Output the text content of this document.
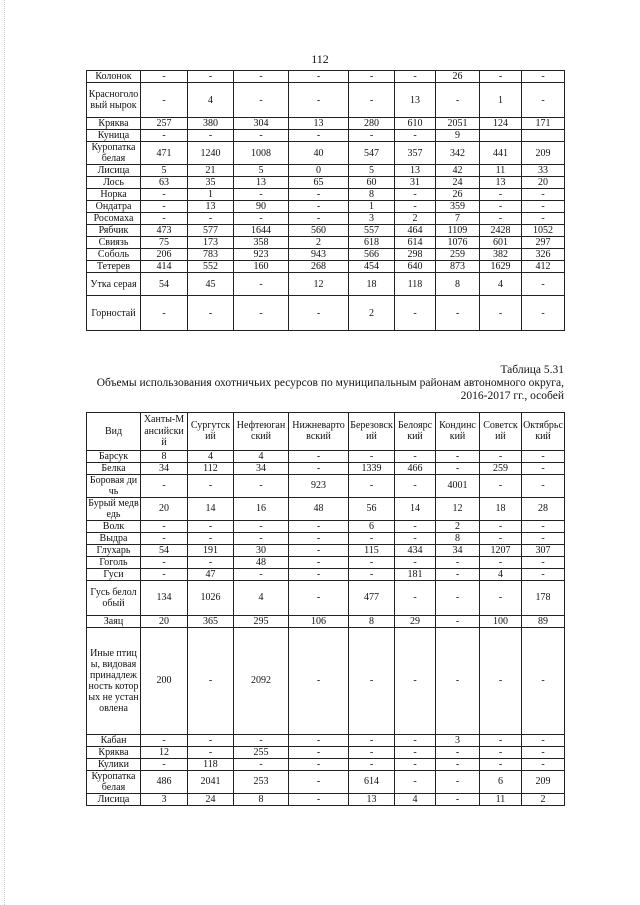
112
Колонок	-	-	-	-	-	-	26	-	-
Красноголовый нырок	-	4	-	-	-	13	-	1	-
Кряква	257	380	304	13	280	610	2051	124	171
Куница	-	-	-	-	-	-	9		
Куропатка белая	471	1240	1008	40	547	357	342	441	209
Лисица	5	21	5	0	5	13	42	11	33
Лось	63	35	13	65	60	31	24	13	20
Норка	-	1	-	-	8	-	26	-	-
Ондатра	-	13	90	-	1	-	359	-	-
Росомаха	-	-	-	-	3	2	7	-	-
Рябчик	473	577	1644	560	557	464	1109	2428	1052
Свиязь	75	173	358	2	618	614	1076	601	297
Соболь	206	783	923	943	566	298	259	382	326
Тетерев	414	552	160	268	454	640	873	1629	412
Утка серая	54	45	-	12	18	118	8	4	-
Горностай	-	-	-	-	2	-	-	-	-
Таблица 5.31
Объемы использования охотничьих ресурсов по муниципальным районам автономного округа,
2016-2017 гг., особей
Вид	Ханты-Мансийский	Сургутский	Нефтеюганский	Нижневартовский	Березовский	Белоярский	Кондинский	Советский	Октябрьский
Барсук	8	4	4	-	-	-	-	-	-
Белка	34	112	34	-	1339	466	-	259	-
Боровая дичь	-	-	-	923	-	-	4001	-	-
Бурый медведь	20	14	16	48	56	14	12	18	28
Волк	-	-	-	-	6	-	2	-	-
Выдра	-	-	-	-	-	-	8	-	-
Глухарь	54	191	30	-	115	434	34	1207	307
Гоголь	-	-	48	-	-	-	-	-	-
Гуси	-	47	-	-	-	181	-	4	-
Гусь белолобый	134	1026	4	-	477	-	-	-	178
Заяц	20	365	295	106	8	29	-	100	89
Иные птицы, видовая принадлежность которых не установлена	200	-	2092	-	-	-	-	-	-
Кабан	-	-	-	-	-	-	3	-	-
Кряква	12	-	255	-	-	-	-	-	-
Кулики	-	118	-	-	-	-	-	-	-
Куропатка белая	486	2041	253	-	614	-	-	6	209
Лисица	3	24	8	-	13	4	-	11	2
